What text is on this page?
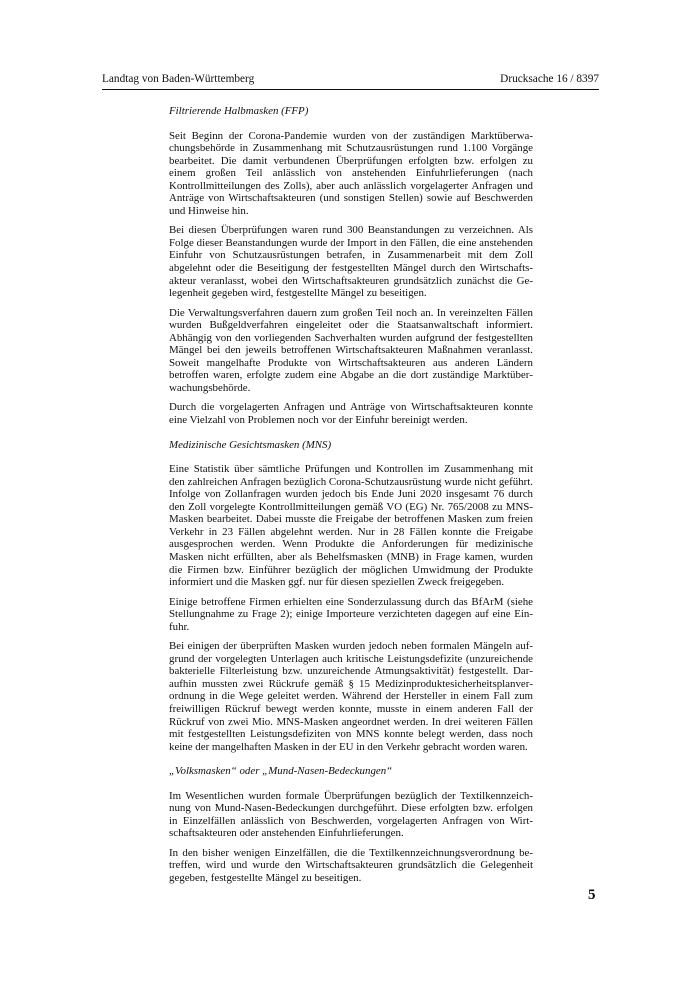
Landtag von Baden-Württemberg	Drucksache 16 / 8397
Filtrierende Halbmasken (FFP)

Seit Beginn der Corona-Pandemie wurden von der zuständigen Marktüberwachungsbehörde in Zusammenhang mit Schutzausrüstungen rund 1.100 Vorgänge bearbeitet. Die damit verbundenen Überprüfungen erfolgten bzw. erfolgen zu einem großen Teil anlässlich von anstehenden Einfuhrlieferungen (nach Kontrollmitteilungen des Zolls), aber auch anlässlich vorgelagerter Anfragen und Anträge von Wirtschaftsakteuren (und sonstigen Stellen) sowie auf Beschwerden und Hinweise hin.

Bei diesen Überprüfungen waren rund 300 Beanstandungen zu verzeichnen. Als Folge dieser Beanstandungen wurde der Import in den Fällen, die eine anstehenden Einfuhr von Schutzausrüstungen betrafen, in Zusammenarbeit mit dem Zoll abgelehnt oder die Beseitigung der festgestellten Mängel durch den Wirtschaftsakteur veranlasst, wobei den Wirtschaftsakteuren grundsätzlich zunächst die Gelegenheit gegeben wird, festgestellte Mängel zu beseitigen.

Die Verwaltungsverfahren dauern zum großen Teil noch an. In vereinzelten Fällen wurden Bußgeldverfahren eingeleitet oder die Staatsanwaltschaft informiert. Abhängig von den vorliegenden Sachverhalten wurden aufgrund der festgestellten Mängel bei den jeweils betroffenen Wirtschaftsakteuren Maßnahmen veranlasst. Soweit mangelhafte Produkte von Wirtschaftsakteuren aus anderen Ländern betroffen waren, erfolgte zudem eine Abgabe an die dort zuständige Marktüberwachungsbehörde.

Durch die vorgelagerten Anfragen und Anträge von Wirtschaftsakteuren konnte eine Vielzahl von Problemen noch vor der Einfuhr bereinigt werden.

Medizinische Gesichtsmasken (MNS)

Eine Statistik über sämtliche Prüfungen und Kontrollen im Zusammenhang mit den zahlreichen Anfragen bezüglich Corona-Schutzausrüstung wurde nicht geführt. Infolge von Zollanfragen wurden jedoch bis Ende Juni 2020 insgesamt 76 durch den Zoll vorgelegte Kontrollmitteilungen gemäß VO (EG) Nr. 765/2008 zu MNS-Masken bearbeitet. Dabei musste die Freigabe der betroffenen Masken zum freien Verkehr in 23 Fällen abgelehnt werden. Nur in 28 Fällen konnte die Freigabe ausgesprochen werden. Wenn Produkte die Anforderungen für medizinische Masken nicht erfüllten, aber als Behelfsmasken (MNB) in Frage kamen, wurden die Firmen bzw. Einführer bezüglich der möglichen Umwidmung der Produkte informiert und die Masken ggf. nur für diesen speziellen Zweck freigegeben.

Einige betroffene Firmen erhielten eine Sonderzulassung durch das BfArM (siehe Stellungnahme zu Frage 2); einige Importeure verzichteten dagegen auf eine Einfuhr.

Bei einigen der überprüften Masken wurden jedoch neben formalen Mängeln aufgrund der vorgelegten Unterlagen auch kritische Leistungsdefizite (unzureichende bakterielle Filterleistung bzw. unzureichende Atmungsaktivität) festgestellt. Daraufhin mussten zwei Rückrufe gemäß § 15 Medizinproduktesicherheitsplanverordnung in die Wege geleitet werden. Während der Hersteller in einem Fall zum freiwilligen Rückruf bewegt werden konnte, musste in einem anderen Fall der Rückruf von zwei Mio. MNS-Masken angeordnet werden. In drei weiteren Fällen mit festgestellten Leistungsdefiziten von MNS konnte belegt werden, dass noch keine der mangelhaften Masken in der EU in den Verkehr gebracht worden waren.

„Volksmasken“ oder „Mund-Nasen-Bedeckungen“

Im Wesentlichen wurden formale Überprüfungen bezüglich der Textilkennzeichnung von Mund-Nasen-Bedeckungen durchgeführt. Diese erfolgten bzw. erfolgen in Einzelfällen anlässlich von Beschwerden, vorgelagerten Anfragen von Wirtschaftsakteuren oder anstehenden Einfuhrlieferungen.

In den bisher wenigen Einzelfällen, die die Textilkennzeichnungsverordnung betreffen, wird und wurde den Wirtschaftsakteuren grundsätzlich die Gelegenheit gegeben, festgestellte Mängel zu beseitigen.

5
